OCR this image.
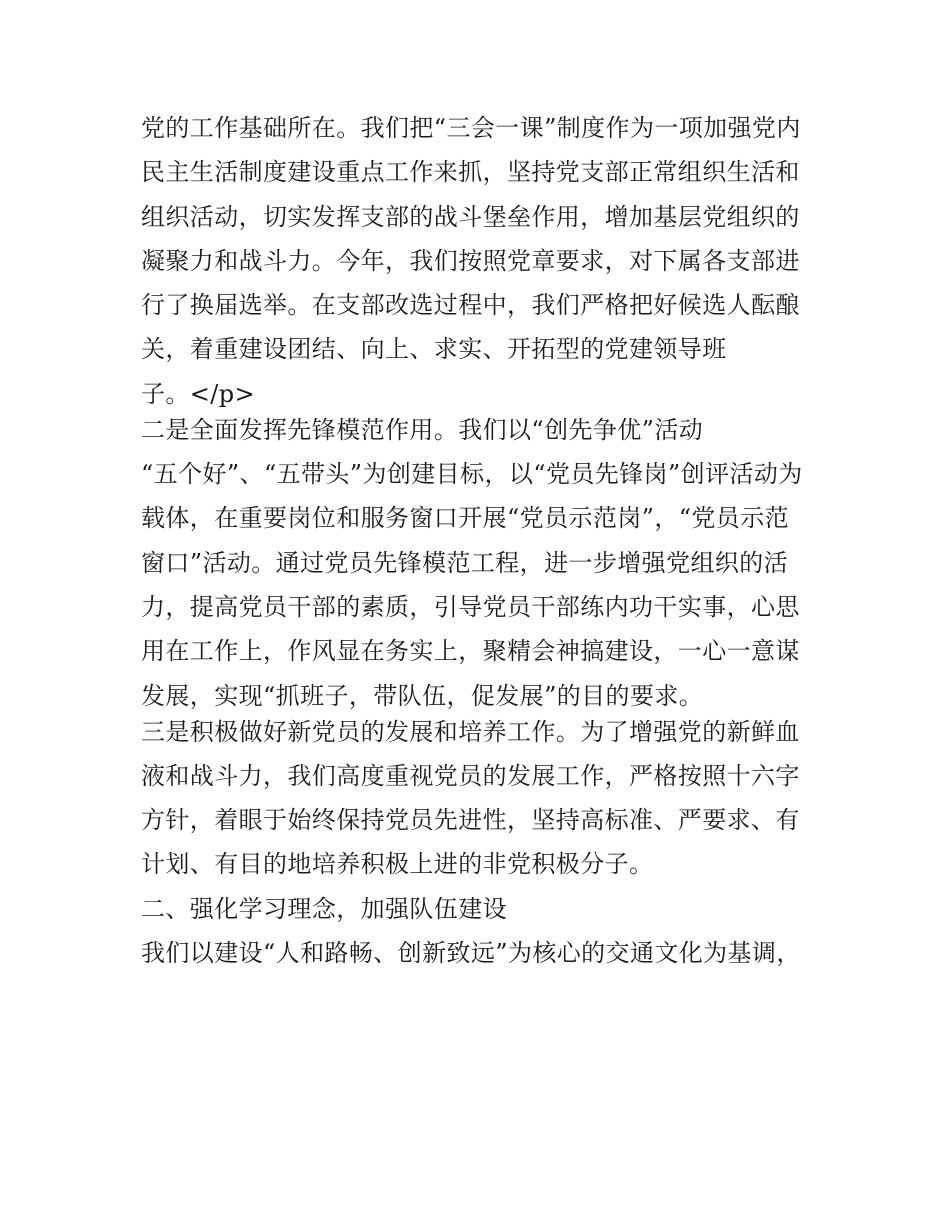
党的工作基础所在。我们把“三会一课”制度作为一项加强党内
民主生活制度建设重点工作来抓，坚持党支部正常组织生活和
组织活动，切实发挥支部的战斗堡垒作用，增加基层党组织的
凝聚力和战斗力。今年，我们按照党章要求，对下属各支部进
行了换届选举。在支部改选过程中，我们严格把好候选人酝酿
关，着重建设团结、向上、求实、开拓型的党建领导班
子。</p>
二是全面发挥先锋模范作用。我们以“创先争优”活动
“五个好”、“五带头”为创建目标，以“党员先锋岗”创评活动为
载体，在重要岗位和服务窗口开展“党员示范岗”，“党员示范
窗口”活动。通过党员先锋模范工程，进一步增强党组织的活
力，提高党员干部的素质，引导党员干部练内功干实事，心思
用在工作上，作风显在务实上，聚精会神搞建设，一心一意谋
发展，实现“抓班子，带队伍，促发展”的目的要求。
三是积极做好新党员的发展和培养工作。为了增强党的新鲜血
液和战斗力，我们高度重视党员的发展工作，严格按照十六字
方针，着眼于始终保持党员先进性，坚持高标准、严要求、有
计划、有目的地培养积极上进的非党积极分子。
二、强化学习理念，加强队伍建设
我们以建设“人和路畅、创新致远”为核心的交通文化为基调，
